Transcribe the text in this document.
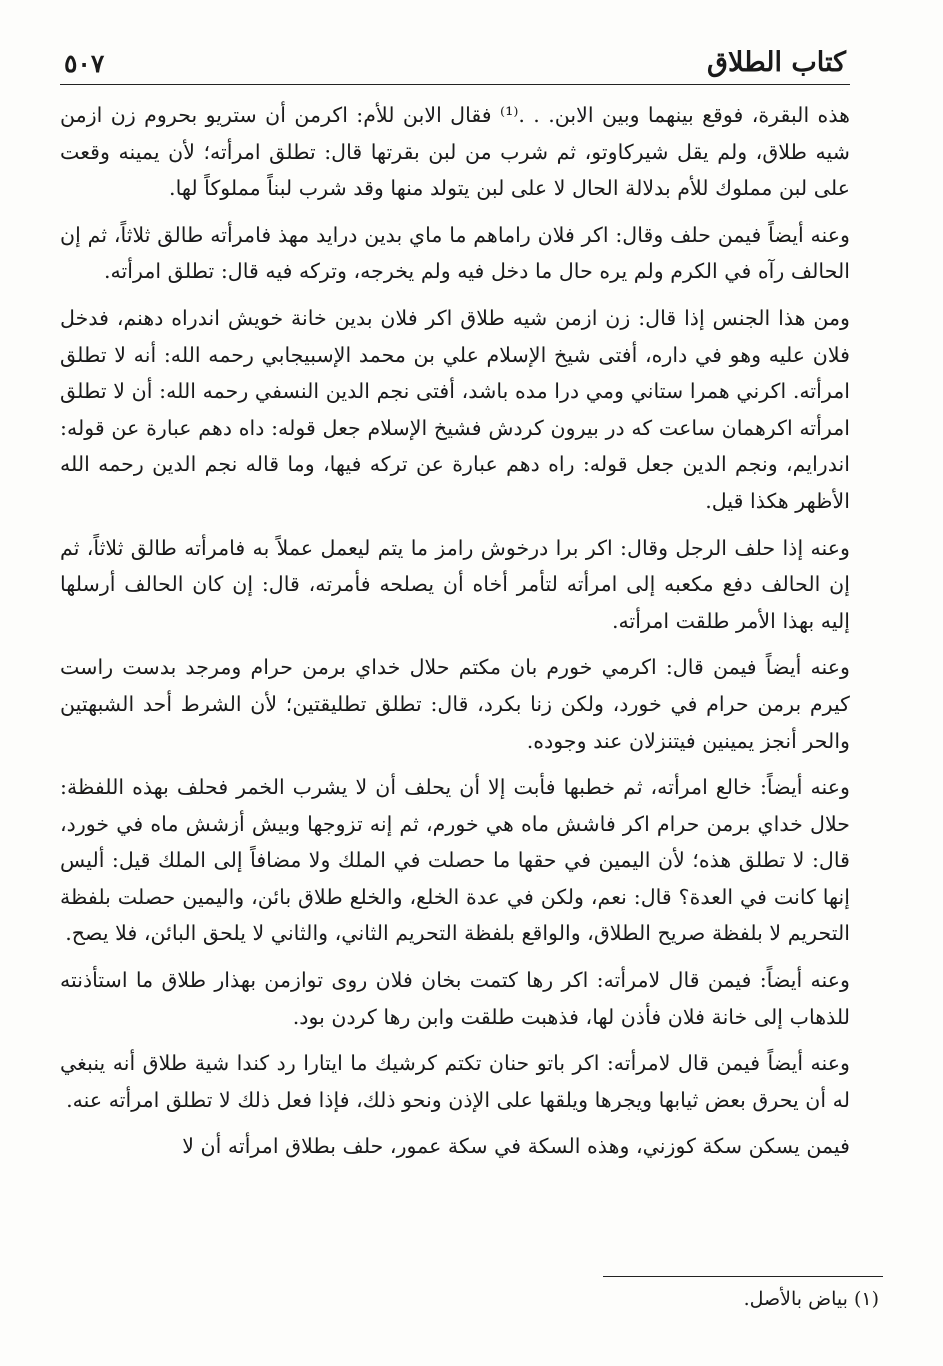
كتاب الطلاق
٥٠٧

هذه البقرة، فوقع بينهما وبين الابن. . .⁽¹⁾ فقال الابن للأم: اكرمن أن ستريو بحروم زن ازمن شيه طلاق، ولم يقل شيركاوتو، ثم شرب من لبن بقرتها قال: تطلق امرأته؛ لأن يمينه وقعت على لبن مملوك للأم بدلالة الحال لا على لبن يتولد منها وقد شرب لبناً مملوكاً لها.

وعنه أيضاً فيمن حلف وقال: اكر فلان راماهم ما ماي بدين دراید مهذ فامرأته طالق ثلاثاً، ثم إن الحالف رآه في الكرم ولم يره حال ما دخل فيه ولم يخرجه، وتركه فيه قال: تطلق امرأته.

ومن هذا الجنس إذا قال: زن ازمن شيه طلاق اكر فلان بدين خانة خويش اندراه دهنم، فدخل فلان عليه وهو في داره، أفتى شيخ الإسلام علي بن محمد الإسبيجابي رحمه الله: أنه لا تطلق امرأته. اكرني همرا ستاني ومي درا مده باشد، أفتى نجم الدين النسفي رحمه الله: أن لا تطلق امرأته اكرهمان ساعت كه در بيرون كردش فشيخ الإسلام جعل قوله: داه دهم عبارة عن قوله: اندرايم، ونجم الدين جعل قوله: راه دهم عبارة عن تركه فيها، وما قاله نجم الدين رحمه الله الأظهر هكذا قيل.

وعنه إذا حلف الرجل وقال: اكر برا درخوش رامز ما يتم ليعمل عملاً به فامرأته طالق ثلاثاً، ثم إن الحالف دفع مكعبه إلى امرأته لتأمر أخاه أن يصلحه فأمرته، قال: إن كان الحالف أرسلها إليه بهذا الأمر طلقت امرأته.

وعنه أيضاً فيمن قال: اكرمي خورم بان مكتم حلال خداي برمن حرام ومرجد بدست راست كيرم برمن حرام في خورد، ولكن زنا بكرد، قال: تطلق تطليقتين؛ لأن الشرط أحد الشبهتين والحر أنجز يمينين فيتنزلان عند وجوده.

وعنه أيضاً: خالع امرأته، ثم خطبها فأبت إلا أن يحلف أن لا يشرب الخمر فحلف بهذه اللفظة: حلال خداي برمن حرام اكر فاشش ماه هي خورم، ثم إنه تزوجها وبيش أزشش ماه في خورد، قال: لا تطلق هذه؛ لأن اليمين في حقها ما حصلت في الملك ولا مضافاً إلى الملك قيل: أليس إنها كانت في العدة؟ قال: نعم، ولكن في عدة الخلع، والخلع طلاق بائن، واليمين حصلت بلفظة التحريم لا بلفظة صريح الطلاق، والواقع بلفظة التحريم الثاني، والثاني لا يلحق البائن، فلا يصح.

وعنه أيضاً: فيمن قال لامرأته: اكر رها كتمت بخان فلان روى توازمن بهذار طلاق ما استأذنته للذهاب إلى خانة فلان فأذن لها، فذهبت طلقت وابن رها كردن بود.

وعنه أيضاً فيمن قال لامرأته: اكر باتو حنان تكتم كرشيك ما ايتارا رد كندا شية طلاق أنه ينبغي له أن يحرق بعض ثيابها ويجرها ويلقها على الإذن ونحو ذلك، فإذا فعل ذلك لا تطلق امرأته عنه.

فيمن يسكن سكة كوزني، وهذه السكة في سكة عمور، حلف بطلاق امرأته أن لا

(١) بياض بالأصل.
